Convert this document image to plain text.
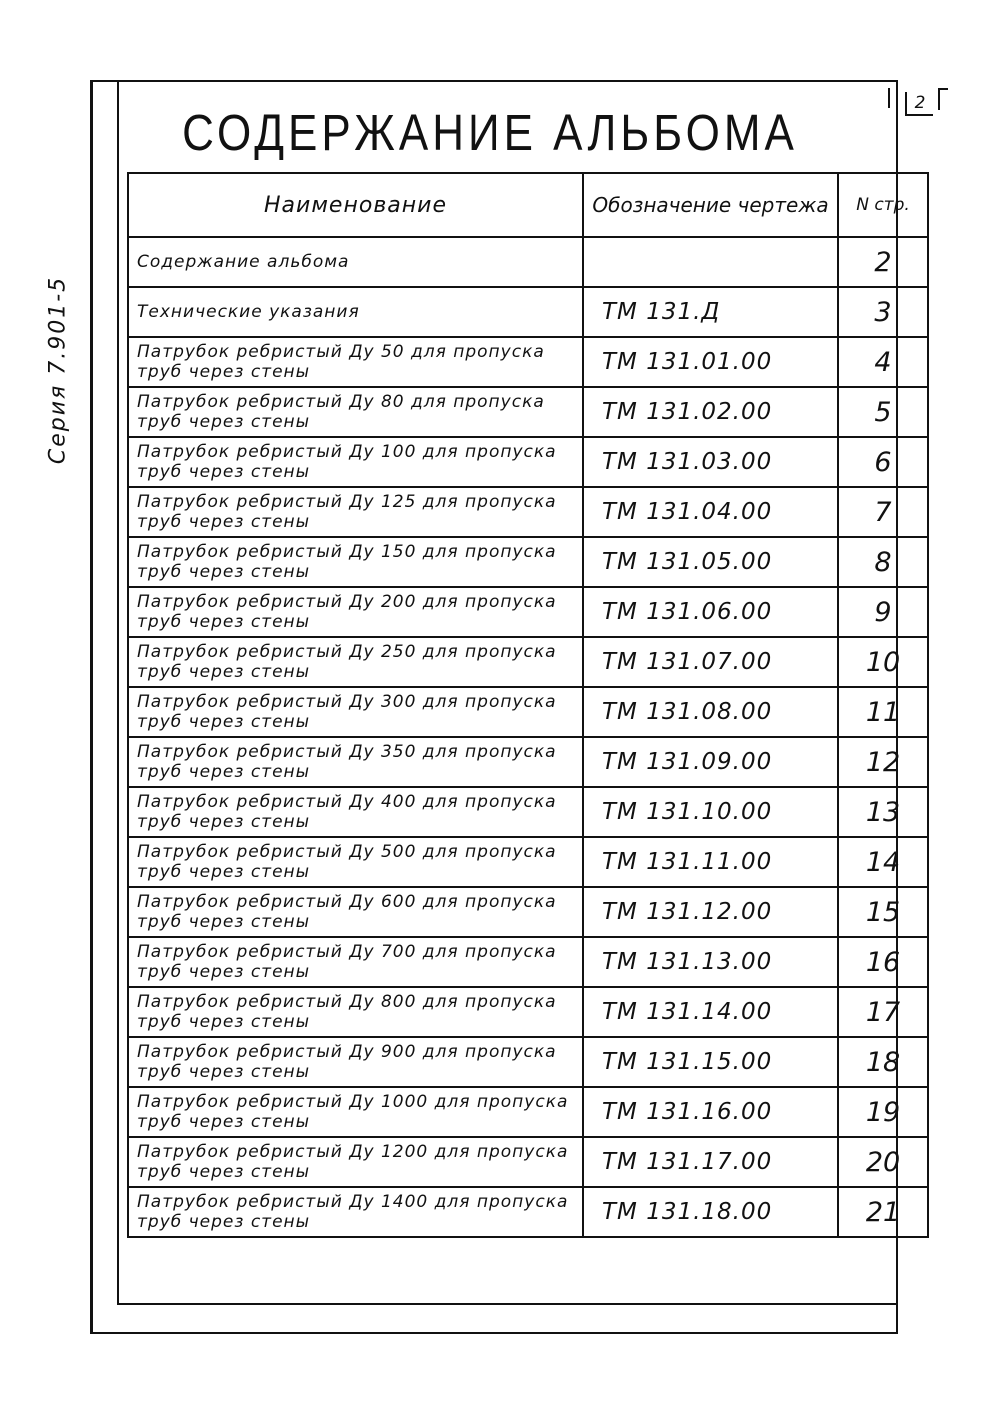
2
Серия 7.901-5
СОДЕРЖАНИЕ АЛЬБОМА
Наименование	Обозначение чертежа	N стр.
Содержание альбома		2
Технические указания	ТМ 131.Д	3
Патрубок ребристый Ду 50 для пропуска труб через стены	ТМ 131.01.00	4
Патрубок ребристый Ду 80 для пропуска труб через стены	ТМ 131.02.00	5
Патрубок ребристый Ду 100 для пропуска труб через стены	ТМ 131.03.00	6
Патрубок ребристый Ду 125 для пропуска труб через стены	ТМ 131.04.00	7
Патрубок ребристый Ду 150 для пропуска труб через стены	ТМ 131.05.00	8
Патрубок ребристый Ду 200 для пропуска труб через стены	ТМ 131.06.00	9
Патрубок ребристый Ду 250 для пропуска труб через стены	ТМ 131.07.00	10
Патрубок ребристый Ду 300 для пропуска труб через стены	ТМ 131.08.00	11
Патрубок ребристый Ду 350 для пропуска труб через стены	ТМ 131.09.00	12
Патрубок ребристый Ду 400 для пропуска труб через стены	ТМ 131.10.00	13
Патрубок ребристый Ду 500 для пропуска труб через стены	ТМ 131.11.00	14
Патрубок ребристый Ду 600 для пропуска труб через стены	ТМ 131.12.00	15
Патрубок ребристый Ду 700 для пропуска труб через стены	ТМ 131.13.00	16
Патрубок ребристый Ду 800 для пропуска труб через стены	ТМ 131.14.00	17
Патрубок ребристый Ду 900 для пропуска труб через стены	ТМ 131.15.00	18
Патрубок ребристый Ду 1000 для пропуска труб через стены	ТМ 131.16.00	19
Патрубок ребристый Ду 1200 для пропуска труб через стены	ТМ 131.17.00	20
Патрубок ребристый Ду 1400 для пропуска труб через стены	ТМ 131.18.00	21
